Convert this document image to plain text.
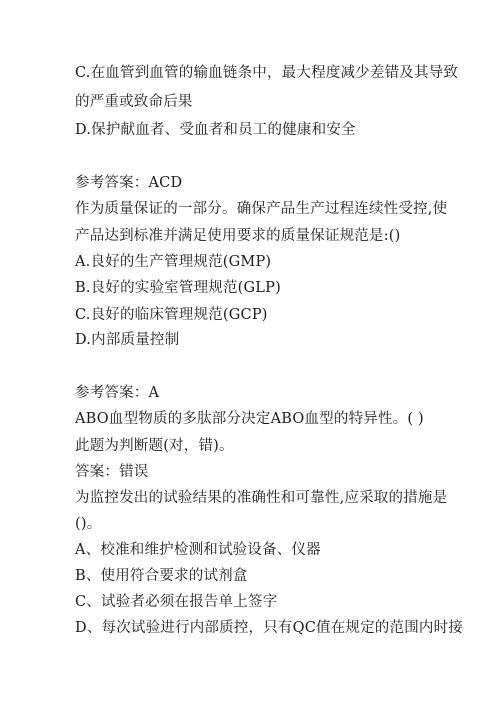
C.在血管到血管的输血链条中，最大程度减少差错及其导致
的严重或致命后果
D.保护献血者、受血者和员工的健康和安全
参考答案：ACD
作为质量保证的一部分。确保产品生产过程连续性受控,使
产品达到标准并满足使用要求的质量保证规范是:()
A.良好的生产管理规范(GMP)
B.良好的实验室管理规范(GLP)
C.良好的临床管理规范(GCP)
D.内部质量控制
参考答案：A
ABO血型物质的多肽部分决定ABO血型的特异性。( )
此题为判断题(对，错)。
答案：错误
为监控发出的试验结果的准确性和可靠性,应采取的措施是
()。
A、校准和维护检测和试验设备、仪器
B、使用符合要求的试剂盒
C、试验者必须在报告单上签字
D、每次试验进行内部质控，只有QC值在规定的范围内时接
